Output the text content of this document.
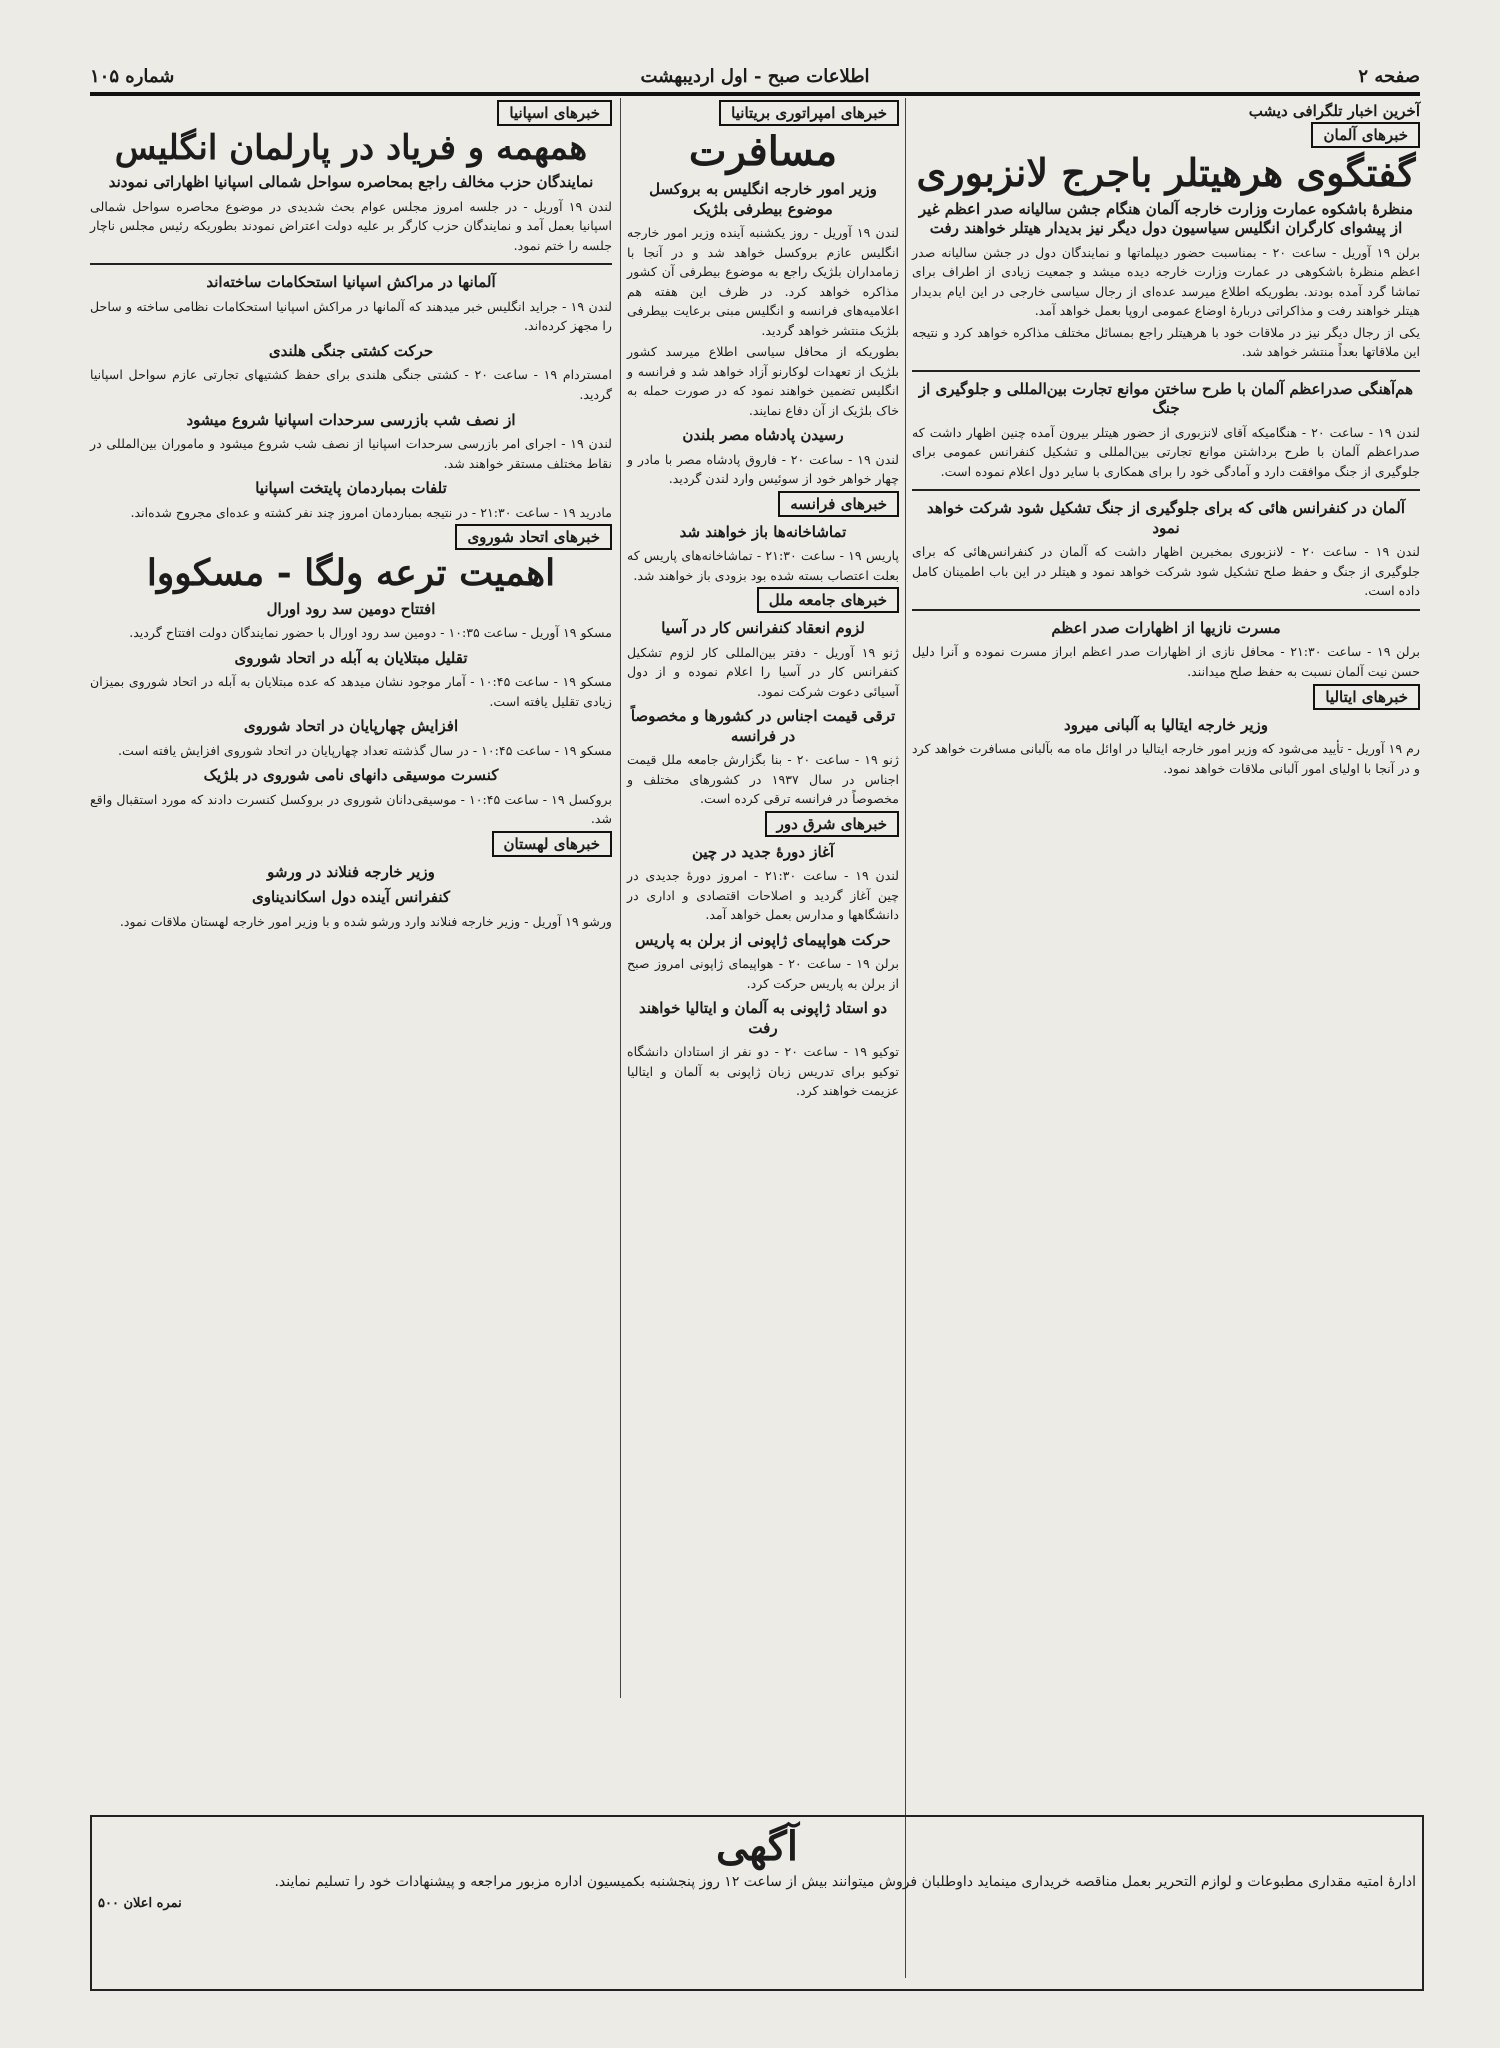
صفحه ۲
اطلاعات صبح - اول اردیبهشت
شماره ۱۰۵
آخرین اخبار تلگرافی دیشب
خبرهای آلمان
گفتگوی هرهیتلر باجرج لانزبوری
منظرهٔ باشکوه عمارت وزارت خارجه آلمان هنگام جشن سالیانه صدر اعظم غیر از پیشوای کارگران انگلیس سیاسیون دول دیگر نیز بدیدار هیتلر خواهند رفت

برلن ۱۹ آوریل - ساعت ۲۰ - بمناسبت حضور دیپلماتها و نمایندگان دول در جشن سالیانه صدر اعظم منظرهٔ باشکوهی در عمارت وزارت خارجه دیده میشد و جمعیت زیادی از اطراف برای تماشا گرد آمده بودند. بطوریکه اطلاع میرسد عده‌ای از رجال سیاسی خارجی در این ایام بدیدار هیتلر خواهند رفت و مذاکراتی دربارهٔ اوضاع عمومی اروپا بعمل خواهد آمد.

یکی از رجال دیگر نیز در ملاقات خود با هرهیتلر راجع بمسائل مختلف مذاکره خواهد کرد و نتیجه این ملاقاتها بعداً منتشر خواهد شد.

هم‌آهنگی صدراعظم آلمان با طرح ساختن موانع تجارت بین‌المللی و جلوگیری از جنگ

لندن ۱۹ - ساعت ۲۰ - هنگامیکه آقای لانزبوری از حضور هیتلر بیرون آمده چنین اظهار داشت که صدراعظم آلمان با طرح برداشتن موانع تجارتی بین‌المللی و تشکیل کنفرانس عمومی برای جلوگیری از جنگ موافقت دارد و آمادگی خود را برای همکاری با سایر دول اعلام نموده است.

آلمان در کنفرانس هائی که برای جلوگیری از جنگ تشکیل شود شرکت خواهد نمود

لندن ۱۹ - ساعت ۲۰ - لانزبوری بمخبرین اظهار داشت که آلمان در کنفرانس‌هائی که برای جلوگیری از جنگ و حفظ صلح تشکیل شود شرکت خواهد نمود و هیتلر در این باب اطمینان کامل داده است.

مسرت نازیها از اظهارات صدر اعظم

برلن ۱۹ - ساعت ۲۱:۳۰ - محافل نازی از اظهارات صدر اعظم ابراز مسرت نموده و آنرا دلیل حسن نیت آلمان نسبت به حفظ صلح میدانند.

خبرهای ایتالیا
وزیر خارجه ایتالیا به آلبانی میرود

رم ۱۹ آوریل - تأیید می‌شود که وزیر امور خارجه ایتالیا در اوائل ماه مه بآلبانی مسافرت خواهد کرد و در آنجا با اولیای امور آلبانی ملاقات خواهد نمود.

خبرهای امپراتوری بریتانیا
مسافرت
وزیر امور خارجه انگلیس به بروکسل موضوع بیطرفی بلژیک

لندن ۱۹ آوریل - روز یکشنبه آینده وزیر امور خارجه انگلیس عازم بروکسل خواهد شد و در آنجا با زمامداران بلژیک راجع به موضوع بیطرفی آن کشور مذاکره خواهد کرد. در ظرف این هفته هم اعلامیه‌های فرانسه و انگلیس مبنی برعایت بیطرفی بلژیک منتشر خواهد گردید.

بطوریکه از محافل سیاسی اطلاع میرسد کشور بلژیک از تعهدات لوکارنو آزاد خواهد شد و فرانسه و انگلیس تضمین خواهند نمود که در صورت حمله به خاک بلژیک از آن دفاع نمایند.

رسیدن پادشاه مصر بلندن

لندن ۱۹ - ساعت ۲۰ - فاروق پادشاه مصر با مادر و چهار خواهر خود از سوئیس وارد لندن گردید.

خبرهای فرانسه
تماشاخانه‌ها باز خواهند شد

پاریس ۱۹ - ساعت ۲۱:۳۰ - تماشاخانه‌های پاریس که بعلت اعتصاب بسته شده بود بزودی باز خواهند شد.

خبرهای جامعه ملل
لزوم انعقاد کنفرانس کار در آسیا

ژنو ۱۹ آوریل - دفتر بین‌المللی کار لزوم تشکیل کنفرانس کار در آسیا را اعلام نموده و از دول آسیائی دعوت شرکت نمود.

ترقی قیمت اجناس در کشورها و مخصوصاً در فرانسه

ژنو ۱۹ - ساعت ۲۰ - بنا بگزارش جامعه ملل قیمت اجناس در سال ۱۹۳۷ در کشورهای مختلف و مخصوصاً در فرانسه ترقی کرده است.

خبرهای شرق دور
آغاز دورهٔ جدید در چین

لندن ۱۹ - ساعت ۲۱:۳۰ - امروز دورهٔ جدیدی در چین آغاز گردید و اصلاحات اقتصادی و اداری در دانشگاهها و مدارس بعمل خواهد آمد.

حرکت هواپیمای ژاپونی از برلن به پاریس

برلن ۱۹ - ساعت ۲۰ - هواپیمای ژاپونی امروز صبح از برلن به پاریس حرکت کرد.

دو استاد ژاپونی به آلمان و ایتالیا خواهند رفت

توکیو ۱۹ - ساعت ۲۰ - دو نفر از استادان دانشگاه توکیو برای تدریس زبان ژاپونی به آلمان و ایتالیا عزیمت خواهند کرد.

خبرهای اسپانیا
همهمه و فریاد در پارلمان انگلیس
نمایندگان حزب مخالف راجع بمحاصره سواحل شمالی اسپانیا اظهاراتی نمودند

لندن ۱۹ آوریل - در جلسه امروز مجلس عوام بحث شدیدی در موضوع محاصره سواحل شمالی اسپانیا بعمل آمد و نمایندگان حزب کارگر بر علیه دولت اعتراض نمودند بطوریکه رئیس مجلس ناچار جلسه را ختم نمود.

آلمانها در مراکش اسپانیا استحکامات ساخته‌اند

لندن ۱۹ - جراید انگلیس خبر میدهند که آلمانها در مراکش اسپانیا استحکامات نظامی ساخته و ساحل را مجهز کرده‌اند.

حرکت کشتی جنگی هلندی

امستردام ۱۹ - ساعت ۲۰ - کشتی جنگی هلندی برای حفظ کشتیهای تجارتی عازم سواحل اسپانیا گردید.

از نصف شب بازرسی سرحدات اسپانیا شروع میشود

لندن ۱۹ - اجرای امر بازرسی سرحدات اسپانیا از نصف شب شروع میشود و ماموران بین‌المللی در نقاط مختلف مستقر خواهند شد.

تلفات بمباردمان پایتخت اسپانیا

مادرید ۱۹ - ساعت ۲۱:۳۰ - در نتیجه بمباردمان امروز چند نفر کشته و عده‌ای مجروح شده‌اند.

خبرهای اتحاد شوروی
اهمیت ترعه ولگا - مسکووا
افتتاح دومین سد رود اورال

مسکو ۱۹ آوریل - ساعت ۱۰:۳۵ - دومین سد رود اورال با حضور نمایندگان دولت افتتاح گردید.

تقلیل مبتلایان به آبله در اتحاد شوروی

مسکو ۱۹ - ساعت ۱۰:۴۵ - آمار موجود نشان میدهد که عده مبتلایان به آبله در اتحاد شوروی بمیزان زیادی تقلیل یافته است.

افزایش چهارپایان در اتحاد شوروی

مسکو ۱۹ - ساعت ۱۰:۴۵ - در سال گذشته تعداد چهارپایان در اتحاد شوروی افزایش یافته است.

کنسرت موسیقی دانهای نامی شوروی در بلژیک

بروکسل ۱۹ - ساعت ۱۰:۴۵ - موسیقی‌دانان شوروی در بروکسل کنسرت دادند که مورد استقبال واقع شد.

خبرهای لهستان
وزیر خارجه فنلاند در ورشو
کنفرانس آینده دول اسکاندیناوی

ورشو ۱۹ آوریل - وزیر خارجه فنلاند وارد ورشو شده و با وزیر امور خارجه لهستان ملاقات نمود.

آگهی

ادارهٔ امتیه مقداری مطبوعات و لوازم التحریر بعمل مناقصه خریداری مینماید داوطلبان فروش میتوانند بیش از ساعت ۱۲ روز پنجشنبه بکمیسیون اداره مزبور مراجعه و پیشنهادات خود را تسلیم نمایند.

نمره اعلان ۵۰۰
